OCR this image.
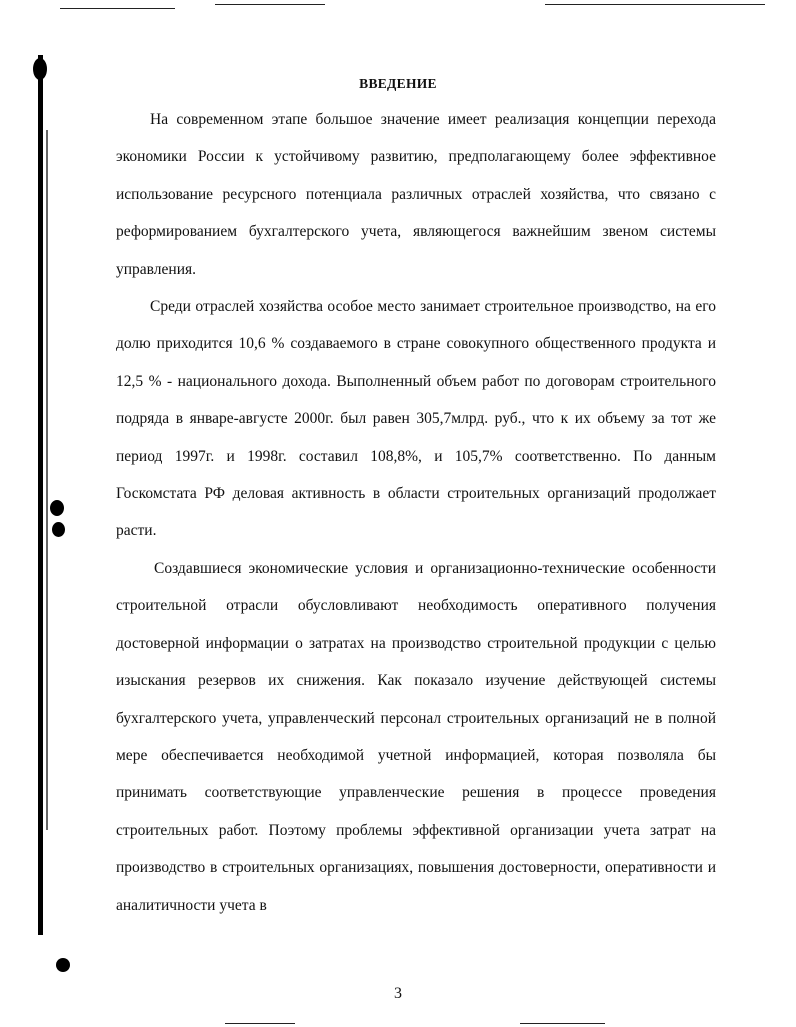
ВВЕДЕНИЕ

На современном этапе большое значение имеет реализация концепции перехода экономики России к устойчивому развитию, предполагающему более эффективное использование ресурсного потенциала различных отраслей хозяйства, что связано с реформированием бухгалтерского учета, являющегося важнейшим звеном системы управления.

Среди отраслей хозяйства особое место занимает строительное производство, на его долю приходится 10,6 % создаваемого в стране совокупного общественного продукта и 12,5 % - национального дохода. Выполненный объем работ по договорам строительного подряда в январе-августе 2000г. был равен 305,7млрд. руб., что к их объему за тот же период 1997г. и 1998г. составил 108,8%, и 105,7% соответственно. По данным Госкомстата РФ деловая активность в области строительных организаций продолжает расти.

Создавшиеся экономические условия и организационно-технические особенности строительной отрасли обусловливают необходимость оперативного получения достоверной информации о затратах на производство строительной продукции с целью изыскания резервов их снижения. Как показало изучение действующей системы бухгалтерского учета, управленческий персонал строительных организаций не в полной мере обеспечивается необходимой учетной информацией, которая позволяла бы принимать соответствующие управленческие решения в процессе проведения строительных работ. Поэтому проблемы эффективной организации учета затрат на производство в строительных организациях, повышения достоверности, оперативности и аналитичности учета в

3
